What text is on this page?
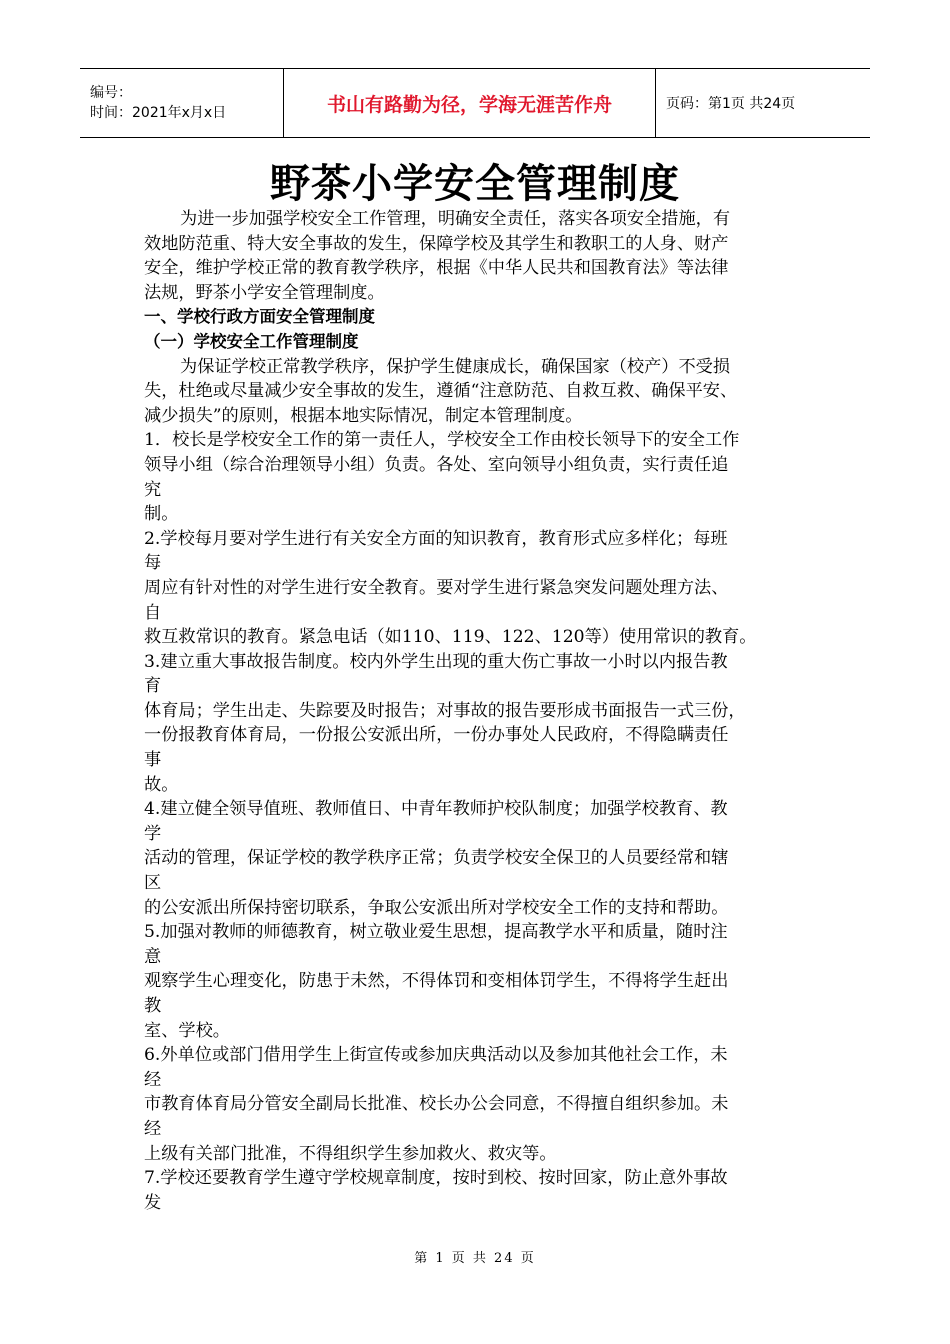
编号：
时间：2021年x月x日	书山有路勤为径，学海无涯苦作舟	页码：第1页 共24页
野茶小学安全管理制度
为进一步加强学校安全工作管理，明确安全责任，落实各项安全措施，有
效地防范重、特大安全事故的发生，保障学校及其学生和教职工的人身、财产
安全，维护学校正常的教育教学秩序，根据《中华人民共和国教育法》等法律
法规，野茶小学安全管理制度。
一、学校行政方面安全管理制度
（一）学校安全工作管理制度
为保证学校正常教学秩序，保护学生健康成长，确保国家（校产）不受损
失，杜绝或尽量减少安全事故的发生，遵循“注意防范、自救互救、确保平安、
减少损失”的原则，根据本地实际情况，制定本管理制度。
1．校长是学校安全工作的第一责任人，学校安全工作由校长领导下的安全工作
领导小组（综合治理领导小组）负责。各处、室向领导小组负责，实行责任追
究
制。
2.学校每月要对学生进行有关安全方面的知识教育，教育形式应多样化；每班
每
周应有针对性的对学生进行安全教育。要对学生进行紧急突发问题处理方法、
自
救互救常识的教育。紧急电话（如110、119、122、120等）使用常识的教育。
3.建立重大事故报告制度。校内外学生出现的重大伤亡事故一小时以内报告教
育
体育局；学生出走、失踪要及时报告；对事故的报告要形成书面报告一式三份，
一份报教育体育局，一份报公安派出所，一份办事处人民政府，不得隐瞒责任
事
故。
4.建立健全领导值班、教师值日、中青年教师护校队制度；加强学校教育、教
学
活动的管理，保证学校的教学秩序正常；负责学校安全保卫的人员要经常和辖
区
的公安派出所保持密切联系，争取公安派出所对学校安全工作的支持和帮助。
5.加强对教师的师德教育，树立敬业爱生思想，提高教学水平和质量，随时注
意
观察学生心理变化，防患于未然，不得体罚和变相体罚学生，不得将学生赶出
教
室、学校。
6.外单位或部门借用学生上街宣传或参加庆典活动以及参加其他社会工作，未
经
市教育体育局分管安全副局长批准、校长办公会同意，不得擅自组织参加。未
经
上级有关部门批准，不得组织学生参加救火、救灾等。
7.学校还要教育学生遵守学校规章制度，按时到校、按时回家，防止意外事故
发
第 1 页 共 24 页
